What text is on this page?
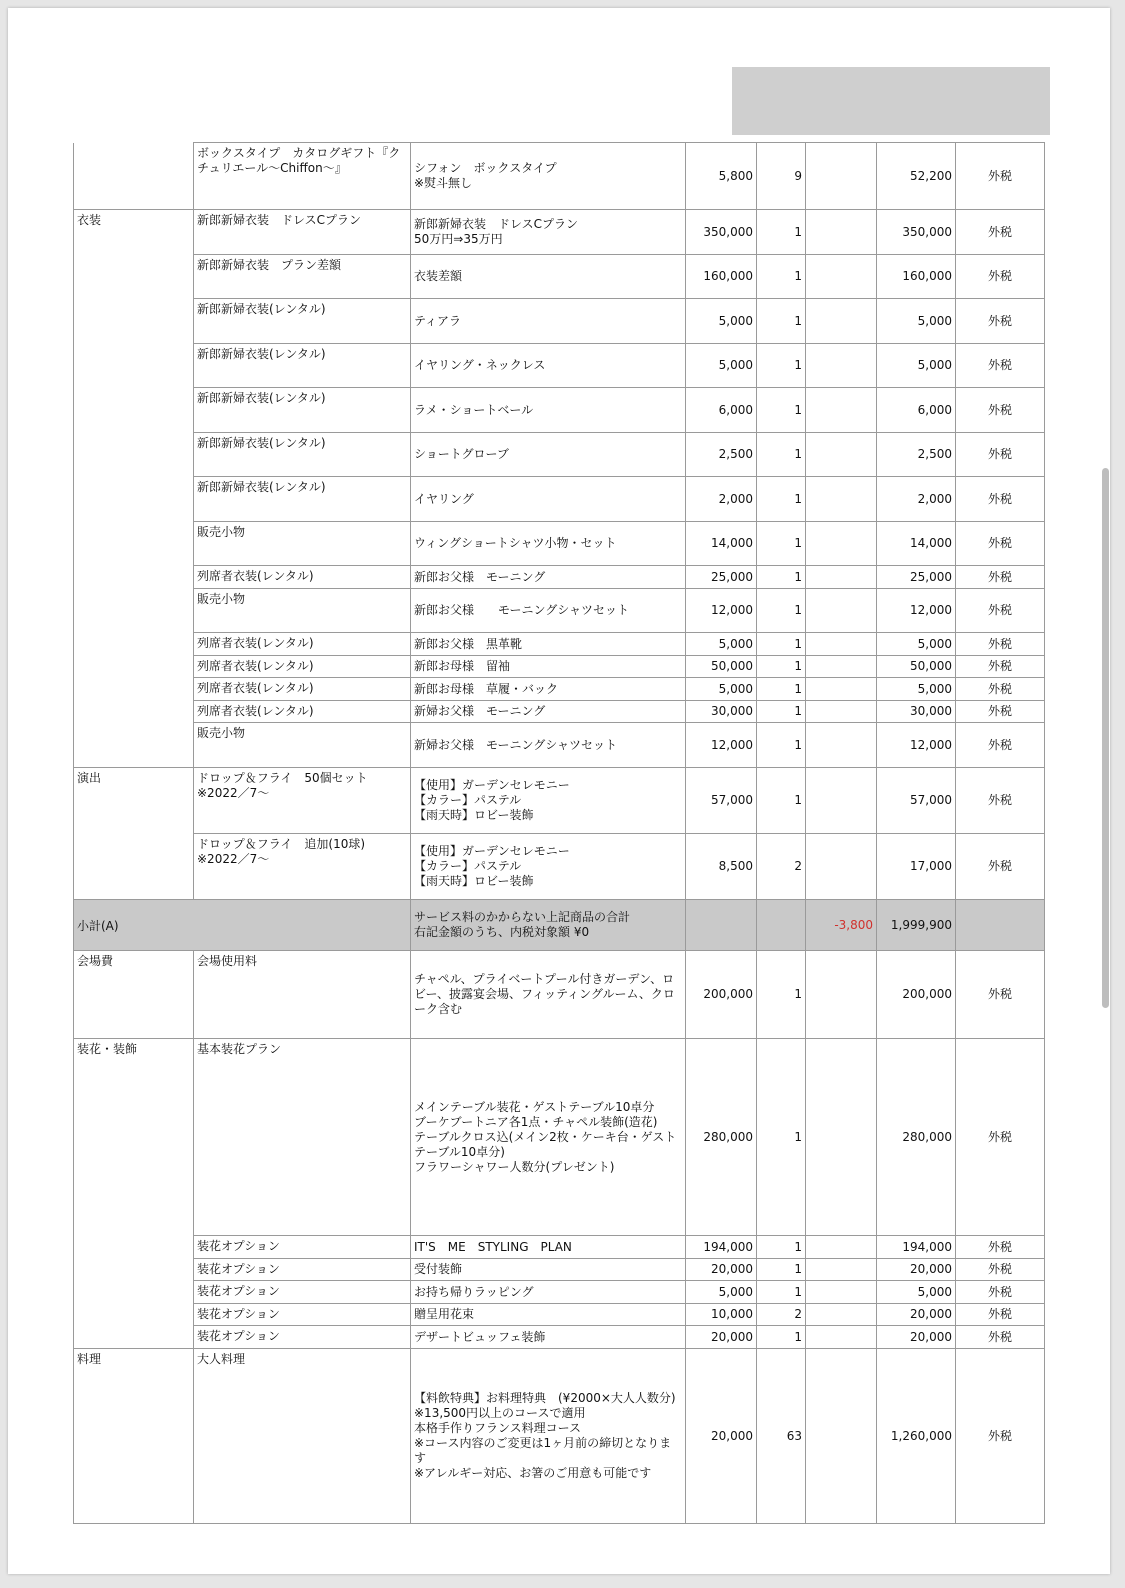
	ボックスタイプ　カタログギフト『クチュリエール～Chiffon～』	シフォン　ボックスタイプ
※熨斗無し	5,800	9		52,200	外税
衣装	新郎新婦衣装　ドレスCプラン	新郎新婦衣装　ドレスCプラン
50万円⇒35万円	350,000	1		350,000	外税
	新郎新婦衣装　プラン差額	衣装差額	160,000	1		160,000	外税
	新郎新婦衣装(レンタル)	ティアラ	5,000	1		5,000	外税
	新郎新婦衣装(レンタル)	イヤリング・ネックレス	5,000	1		5,000	外税
	新郎新婦衣装(レンタル)	ラメ・ショートベール	6,000	1		6,000	外税
	新郎新婦衣装(レンタル)	ショートグローブ	2,500	1		2,500	外税
	新郎新婦衣装(レンタル)	イヤリング	2,000	1		2,000	外税
	販売小物	ウィングショートシャツ小物・セット	14,000	1		14,000	外税
	列席者衣装(レンタル)	新郎お父様　モーニング	25,000	1		25,000	外税
	販売小物	新郎お父様　　モーニングシャツセット	12,000	1		12,000	外税
	列席者衣装(レンタル)	新郎お父様　黒革靴	5,000	1		5,000	外税
	列席者衣装(レンタル)	新郎お母様　留袖	50,000	1		50,000	外税
	列席者衣装(レンタル)	新郎お母様　草履・バック	5,000	1		5,000	外税
	列席者衣装(レンタル)	新婦お父様　モーニング	30,000	1		30,000	外税
	販売小物	新婦お父様　モーニングシャツセット	12,000	1		12,000	外税
演出	ドロップ＆フライ　50個セット　※2022／7～	【使用】ガーデンセレモニー
【カラー】パステル
【雨天時】ロビー装飾	57,000	1		57,000	外税
	ドロップ＆フライ　追加(10球)　※2022／7～	【使用】ガーデンセレモニー
【カラー】パステル
【雨天時】ロビー装飾	8,500	2		17,000	外税
小計(A)		サービス料のかからない上記商品の合計
右記金額のうち、内税対象額 ¥0			-3,800	1,999,900	
会場費	会場使用料	チャペル、プライベートプール付きガーデン、ロビー、披露宴会場、フィッティングルーム、クローク含む	200,000	1		200,000	外税
装花・装飾	基本装花プラン	メインテーブル装花・ゲストテーブル10卓分
ブーケブートニア各1点・チャペル装飾(造花)
テーブルクロス込(メイン2枚・ケーキ台・ゲストテーブル10卓分)
フラワーシャワー人数分(プレゼント)	280,000	1		280,000	外税
	装花オプション	IT'S　ME　STYLING　PLAN	194,000	1		194,000	外税
	装花オプション	受付装飾	20,000	1		20,000	外税
	装花オプション	お持ち帰りラッピング	5,000	1		5,000	外税
	装花オプション	贈呈用花束	10,000	2		20,000	外税
	装花オプション	デザートビュッフェ装飾	20,000	1		20,000	外税
料理	大人料理	【料飲特典】お料理特典　(¥2000×大人人数分)　※13,500円以上のコースで適用
本格手作りフランス料理コース
※コース内容のご変更は1ヶ月前の締切となります
※アレルギー対応、お箸のご用意も可能です	20,000	63		1,260,000	外税
